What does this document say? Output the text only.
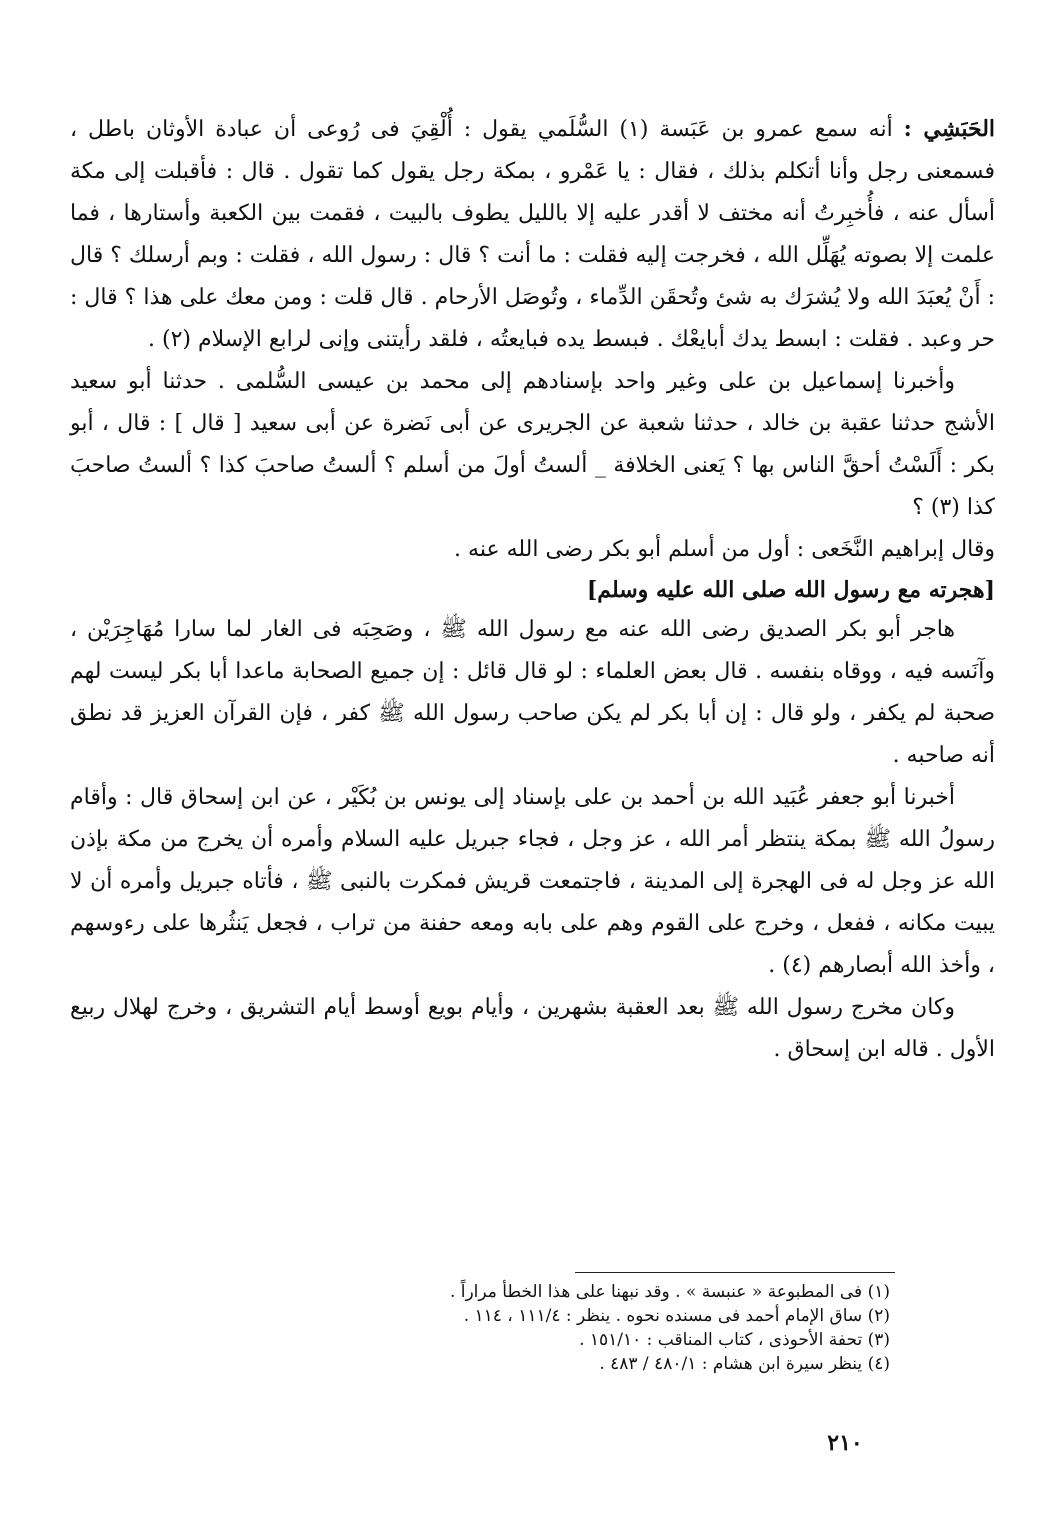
الحَبَشِي : أنه سمع عمرو بن عَبَسة (١) السُّلَمي يقول : أُلْقِيَ فى رُوعى أن عبادة الأوثان باطل ، فسمعنى رجل وأنا أتكلم بذلك ، فقال : يا عَمْرو ، بمكة رجل يقول كما تقول . قال : فأقبلت إلى مكة أسأل عنه ، فأُخبِرتُ أنه مختف لا أقدر عليه إلا بالليل يطوف بالبيت ، فقمت بين الكعبة وأستارها ، فما علمت إلا بصوته يُهَلِّل الله ، فخرجت إليه فقلت : ما أنت ؟ قال : رسول الله ، فقلت : وبم أرسلك ؟ قال : أَنْ يُعبَدَ الله ولا يُشرَك به شئ وتُحقَن الدِّماء ، وتُوصَل الأرحام . قال قلت : ومن معك على هذا ؟ قال : حر وعبد . فقلت : ابسط يدك أبايعْك . فبسط يده فبايعتُه ، فلقد رأيتنى وإنى لرابع الإسلام (٢) .

وأخبرنا إسماعيل بن على وغير واحد بإسنادهم إلى محمد بن عيسى السُّلمى . حدثنا أبو سعيد الأشج حدثنا عقبة بن خالد ، حدثنا شعبة عن الجريرى عن أبى نَضرة عن أبى سعيد [ قال ] : قال ، أبو بكر : أَلَسْتُ أحقَّ الناس بها ؟ يَعنى الخلافة _ ألستُ أولَ من أسلم ؟ ألستُ صاحبَ كذا ؟ ألستُ صاحبَ كذا (٣) ؟

وقال إبراهيم النَّخَعى : أول من أسلم أبو بكر رضى الله عنه .

[هجرته مع رسول الله صلى الله عليه وسلم]

هاجر أبو بكر الصديق رضى الله عنه مع رسول الله ﷺ ، وصَحِبَه فى الغار لما سارا مُهَاجِرَيْن ، وآنَسه فيه ، ووقاه بنفسه . قال بعض العلماء : لو قال قائل : إن جميع الصحابة ماعدا أبا بكر ليست لهم صحبة لم يكفر ، ولو قال : إن أبا بكر لم يكن صاحب رسول الله ﷺ كفر ، فإن القرآن العزيز قد نطق أنه صاحبه .

أخبرنا أبو جعفر عُبَيد الله بن أحمد بن على بإسناد إلى يونس بن بُكَيْر ، عن ابن إسحاق قال : وأقام رسولُ الله ﷺ بمكة ينتظر أمر الله ، عز وجل ، فجاء جبريل عليه السلام وأمره أن يخرج من مكة بإذن الله عز وجل له فى الهجرة إلى المدينة ، فاجتمعت قريش فمكرت بالنبى ﷺ ، فأتاه جبريل وأمره أن لا يبيت مكانه ، ففعل ، وخرج على القوم وهم على بابه ومعه حفنة من تراب ، فجعل يَنثُرها على رءوسهم ، وأخذ الله أبصارهم (٤) .

وكان مخرج رسول الله ﷺ بعد العقبة بشهرين ، وأيام بويع أوسط أيام التشريق ، وخرج لهلال ربيع الأول . قاله ابن إسحاق .

(١) فى المطبوعة « عنبسة » . وقد نبهنا على هذا الخطأ مراراً .

(٢) ساق الإمام أحمد فى مسنده نحوه . ينظر : ١١١/٤ ، ١١٤ .

(٣) تحفة الأحوذى ، كتاب المناقب : ١٥١/١٠ .

(٤) ينظر سيرة ابن هشام : ٤٨٠/١ / ٤٨٣ .

٢١٠
